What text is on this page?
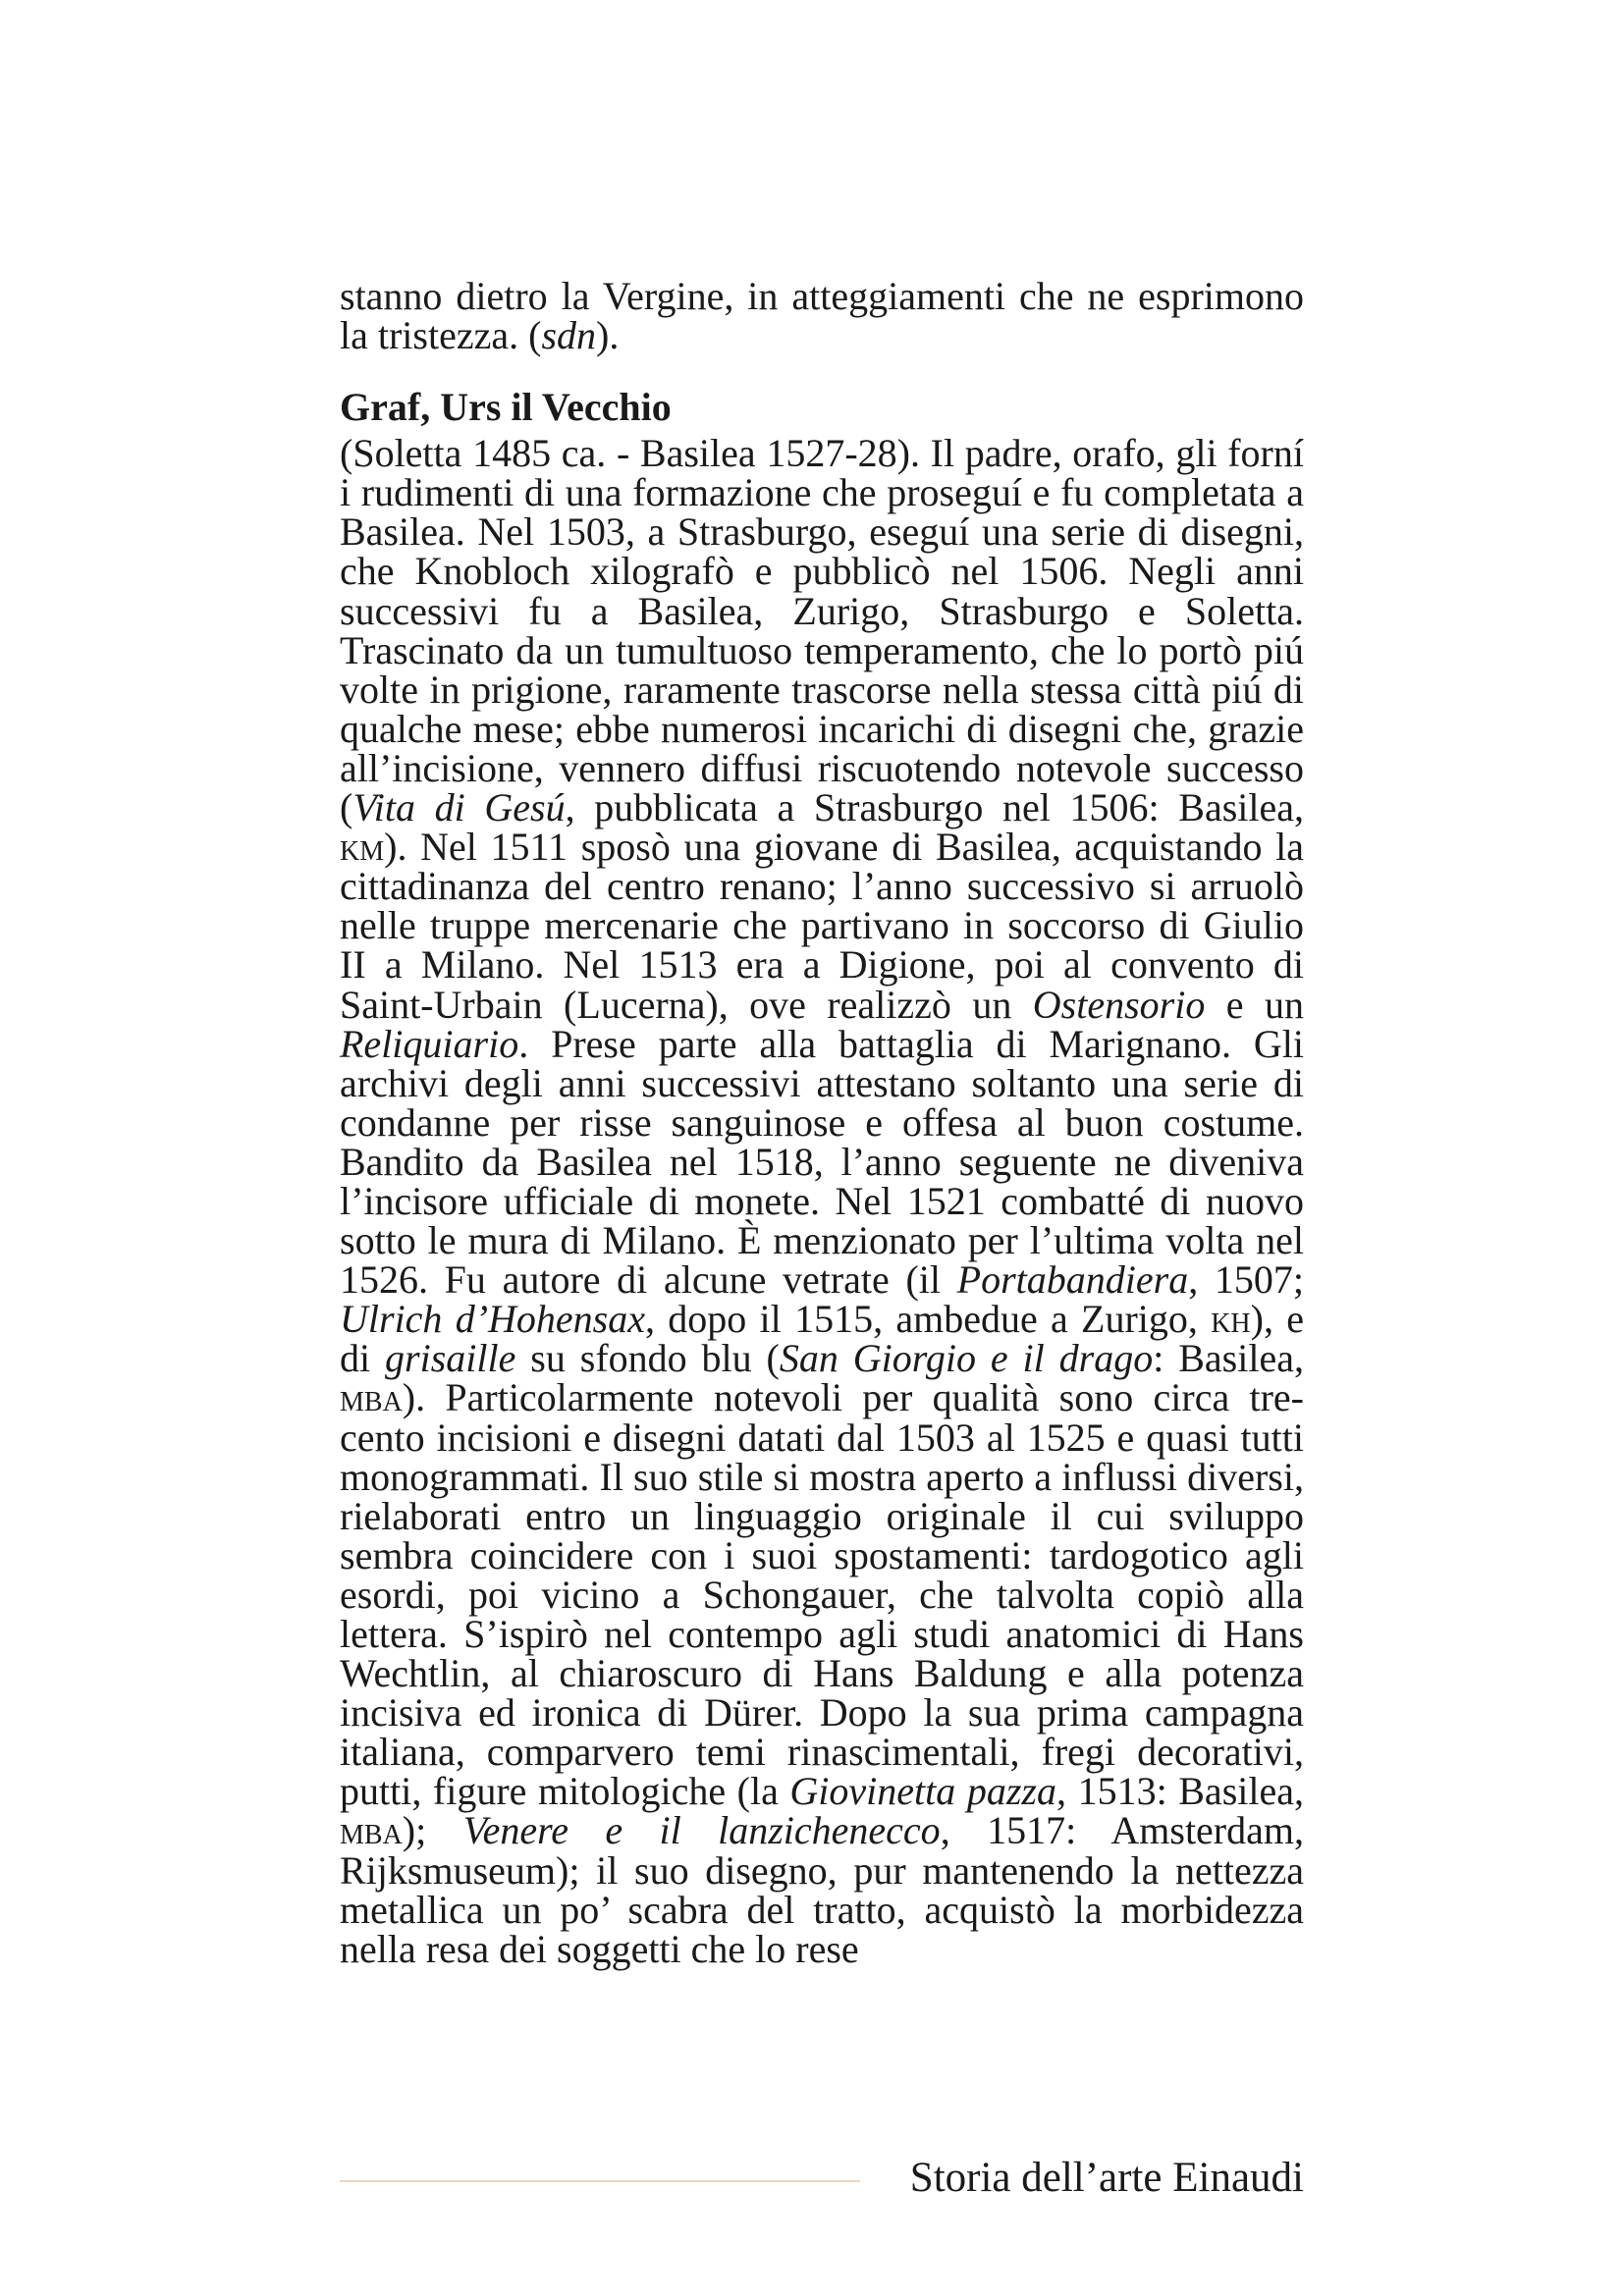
stanno dietro la Vergine, in atteggiamenti che ne esprimono la tristezza. (sdn).

Graf, Urs il Vecchio

(Soletta 1485 ca. - Basilea 1527-28). Il padre, orafo, gli forní i rudimenti di una formazione che proseguí e fu completata a Basilea. Nel 1503, a Strasburgo, eseguí una serie di disegni, che Knobloch xilografò e pubblicò nel 1506. Negli anni successivi fu a Basilea, Zurigo, Strasburgo e Soletta. Trascinato da un tumultuoso temperamento, che lo portò piú volte in prigione, raramente trascorse nella stessa città piú di qualche mese; ebbe numerosi incarichi di disegni che, grazie all’incisione, vennero diffusi riscuotendo notevole successo (Vita di Gesú, pubblicata a Strasburgo nel 1506: Basilea, km). Nel 1511 sposò una giovane di Basilea, acquistando la cittadinanza del centro renano; l’anno successivo si arruolò nelle truppe mercenarie che partivano in soccorso di Giulio II a Milano. Nel 1513 era a Digione, poi al convento di Saint-Urbain (Lucerna), ove realizzò un Ostensorio e un Reliquiario. Prese parte alla battaglia di Marignano. Gli archivi degli anni successivi attestano soltanto una serie di condanne per risse sanguinose e offesa al buon costume. Bandito da Basilea nel 1518, l’anno seguente ne diveniva l’incisore ufficiale di monete. Nel 1521 combatté di nuovo sotto le mura di Milano. È menzionato per l’ultima volta nel 1526. Fu autore di alcune vetrate (il Portabandiera, 1507; Ulrich d’Hohensax, dopo il 1515, ambedue a Zurigo, kh), e di grisaille su sfondo blu (San Giorgio e il drago: Basilea, mba). Particolarmente notevoli per qualità sono circa trecento incisioni e disegni datati dal 1503 al 1525 e quasi tutti monogrammati. Il suo stile si mostra aperto a influssi diversi, rielaborati entro un linguaggio originale il cui sviluppo sembra coincidere con i suoi spostamenti: tardogotico agli esordi, poi vicino a Schongauer, che talvolta copiò alla lettera. S’ispirò nel contempo agli studi anatomici di Hans Wechtlin, al chiaroscuro di Hans Baldung e alla potenza incisiva ed ironica di Dürer. Dopo la sua prima campagna italiana, comparvero temi rinascimentali, fregi decorativi, putti, figure mitologiche (la Giovinetta pazza, 1513: Basilea, mba); Venere e il lanzichenecco, 1517: Amsterdam, Rijksmuseum); il suo disegno, pur mantenendo la nettezza metallica un po’ scabra del tratto, acquistò la morbidezza nella resa dei soggetti che lo rese

Storia dell’arte Einaudi
